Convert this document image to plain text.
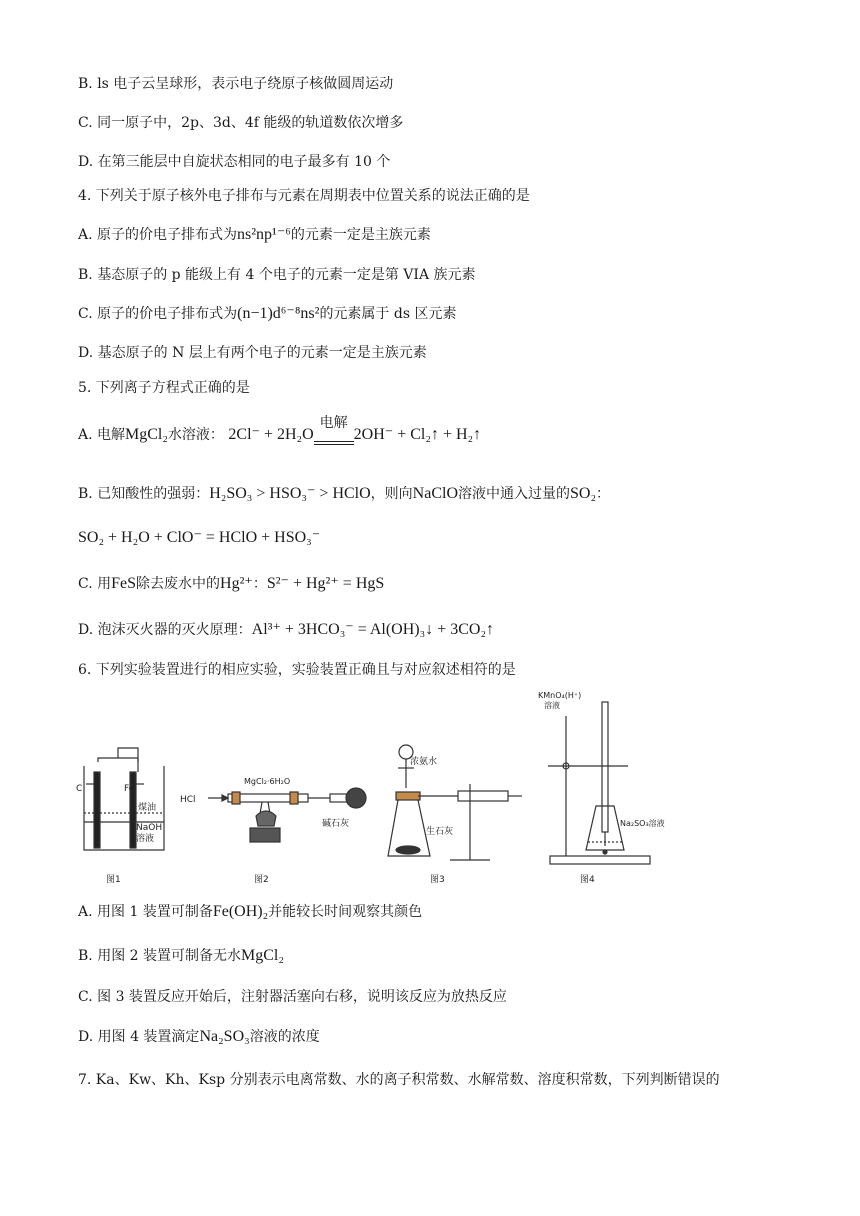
B. ls 电子云呈球形，表示电子绕原子核做圆周运动
C. 同一原子中，2p、3d、4f 能级的轨道数依次增多
D. 在第三能层中自旋状态相同的电子最多有 10 个
4. 下列关于原子核外电子排布与元素在周期表中位置关系的说法正确的是
A. 原子的价电子排布式为ns²np¹⁻⁶的元素一定是主族元素
B. 基态原子的 p 能级上有 4 个电子的元素一定是第 VIA 族元素
C. 原子的价电子排布式为(n−1)d⁶⁻⁸ns²的元素属于 ds 区元素
D. 基态原子的 N 层上有两个电子的元素一定是主族元素
5. 下列离子方程式正确的是
A. 电解MgCl₂水溶液： 2Cl⁻ + 2H₂O
电解
2OH⁻ + Cl₂↑ + H₂↑
B. 已知酸性的强弱：H₂SO₃ > HSO₃⁻ > HClO，则向NaClO溶液中通入过量的SO₂：
SO₂ + H₂O + ClO⁻ = HClO + HSO₃⁻
C. 用FeS除去废水中的Hg²⁺：S²⁻ + Hg²⁺ = HgS
D. 泡沫灭火器的灭火原理：Al³⁺ + 3HCO₃⁻ = Al(OH)₃↓ + 3CO₂↑
6. 下列实验装置进行的相应实验，实验装置正确且与对应叙述相符的是
C	Fe
煤油
NaOH
溶液
图1
HCl
MgCl₂·6H₂O
碱石灰
图2
浓氨水
生石灰
图3
KMnO₄(H⁺)
溶液
Na₂SO₃溶液
图4
A. 用图 1 装置可制备Fe(OH)₂并能较长时间观察其颜色
B. 用图 2 装置可制备无水MgCl₂
C. 图 3 装置反应开始后，注射器活塞向右移，说明该反应为放热反应
D. 用图 4 装置滴定Na₂SO₃溶液的浓度
7. Ka、Kw、Kh、Ksp 分别表示电离常数、水的离子积常数、水解常数、溶度积常数，下列判断错误的
